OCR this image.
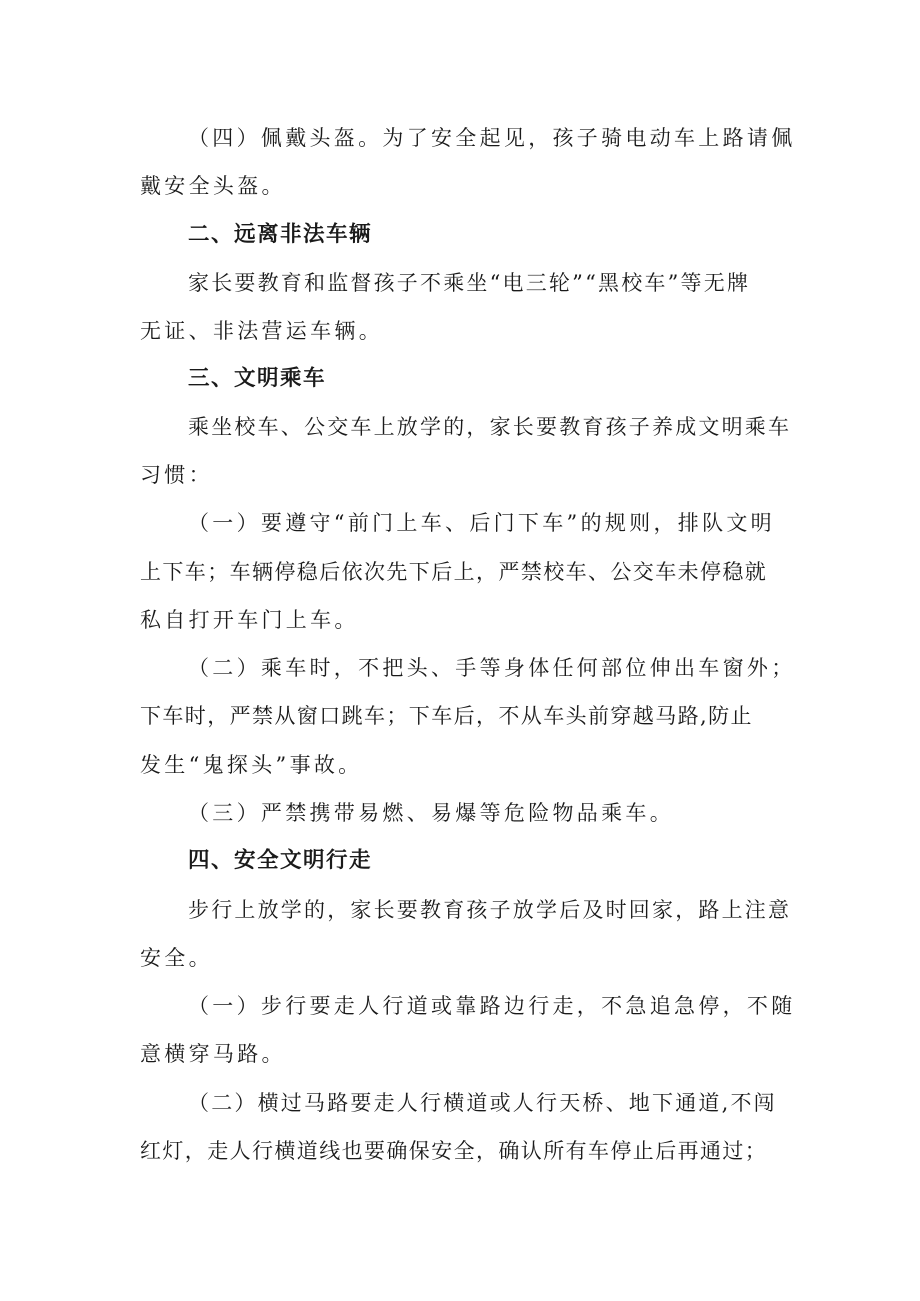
（四）佩戴头盔。为了安全起见，孩子骑电动车上路请佩
戴安全头盔。
二、远离非法车辆
家长要教育和监督孩子不乘坐“电三轮”“黑校车”等无牌
无证、非法营运车辆。
三、文明乘车
乘坐校车、公交车上放学的，家长要教育孩子养成文明乘车
习惯：
（一）要遵守“前门上车、后门下车”的规则，排队文明
上下车；车辆停稳后依次先下后上，严禁校车、公交车未停稳就
私自打开车门上车。
（二）乘车时，不把头、手等身体任何部位伸出车窗外；
下车时，严禁从窗口跳车；下车后，不从车头前穿越马路,防止
发生“鬼探头”事故。
（三）严禁携带易燃、易爆等危险物品乘车。
四、安全文明行走
步行上放学的，家长要教育孩子放学后及时回家，路上注意
安全。
（一）步行要走人行道或靠路边行走，不急追急停，不随
意横穿马路。
（二）横过马路要走人行横道或人行天桥、地下通道,不闯
红灯，走人行横道线也要确保安全，确认所有车停止后再通过；
